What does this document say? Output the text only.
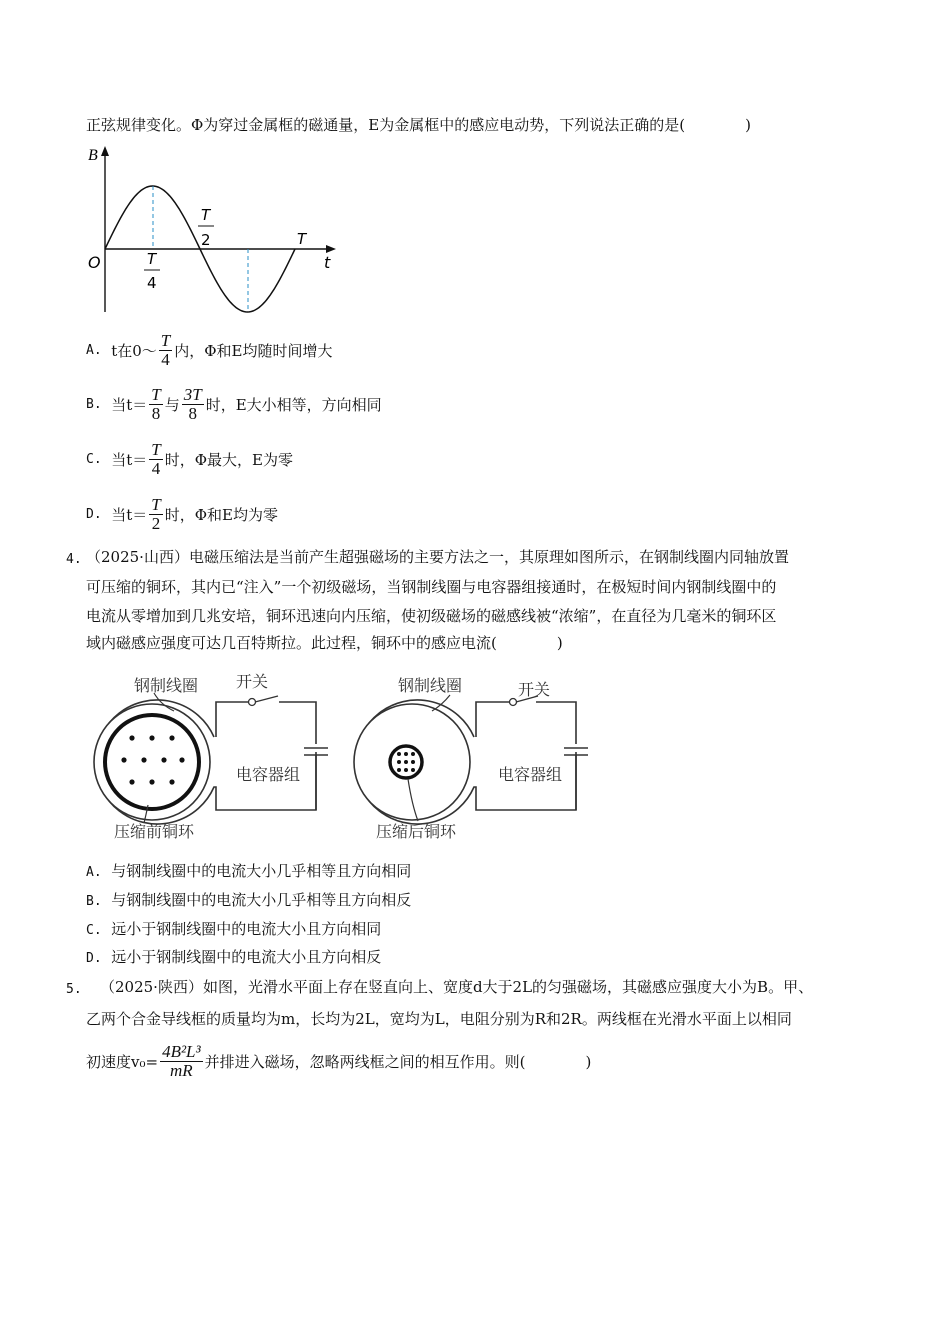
正弦规律变化。Φ为穿过金属框的磁通量，E为金属框中的感应电动势，下列说法正确的是(　　　　)
B
t
O	T
4
T
2	T
A.
t在0～ $\frac{T}{4}$ 内，Φ和E均随时间增大
B.
当$t= \frac{T}{8}$ 与 $\frac{3T}{8}$ 时，E大小相等，方向相同
C.
当$t= \frac{T}{4}$ 时，Φ最大，E为零
D.
当$t= \frac{T}{2}$ 时，Φ和E均为零
4. （2025·山西）电磁压缩法是当前产生超强磁场的主要方法之一，其原理如图所示，在钢制线圈内同轴放置
可压缩的铜环，其内已“注入”一个初级磁场，当钢制线圈与电容器组接通时，在极短时间内钢制线圈中的
电流从零增加到几兆安培，铜环迅速向内压缩，使初级磁场的磁感线被“浓缩”，在直径为几毫米的铜环区
域内磁感应强度可达几百特斯拉。此过程，铜环中的感应电流(　　　　)
钢制线圈 开关
电容器组
压缩前铜环
钢制线圈	开关
电容器组
压缩后铜环
A. 与钢制线圈中的电流大小几乎相等且方向相同
B. 与钢制线圈中的电流大小几乎相等且方向相反
C. 远小于钢制线圈中的电流大小且方向相同
D. 远小于钢制线圈中的电流大小且方向相反
5. （2025·陕西）如图，光滑水平面上存在竖直向上、宽度d大于2L的匀强磁场，其磁感应强度大小为B。甲、
乙两个合金导线框的质量均为m，长均为2L，宽均为L，电阻分别为R和2R。两线框在光滑水平面上以相同
初速度$v_0= \frac{\text{4B²L³}}{mR}$ 并排进入磁场，忽略两线框之间的相互作用。则(　　　　)
